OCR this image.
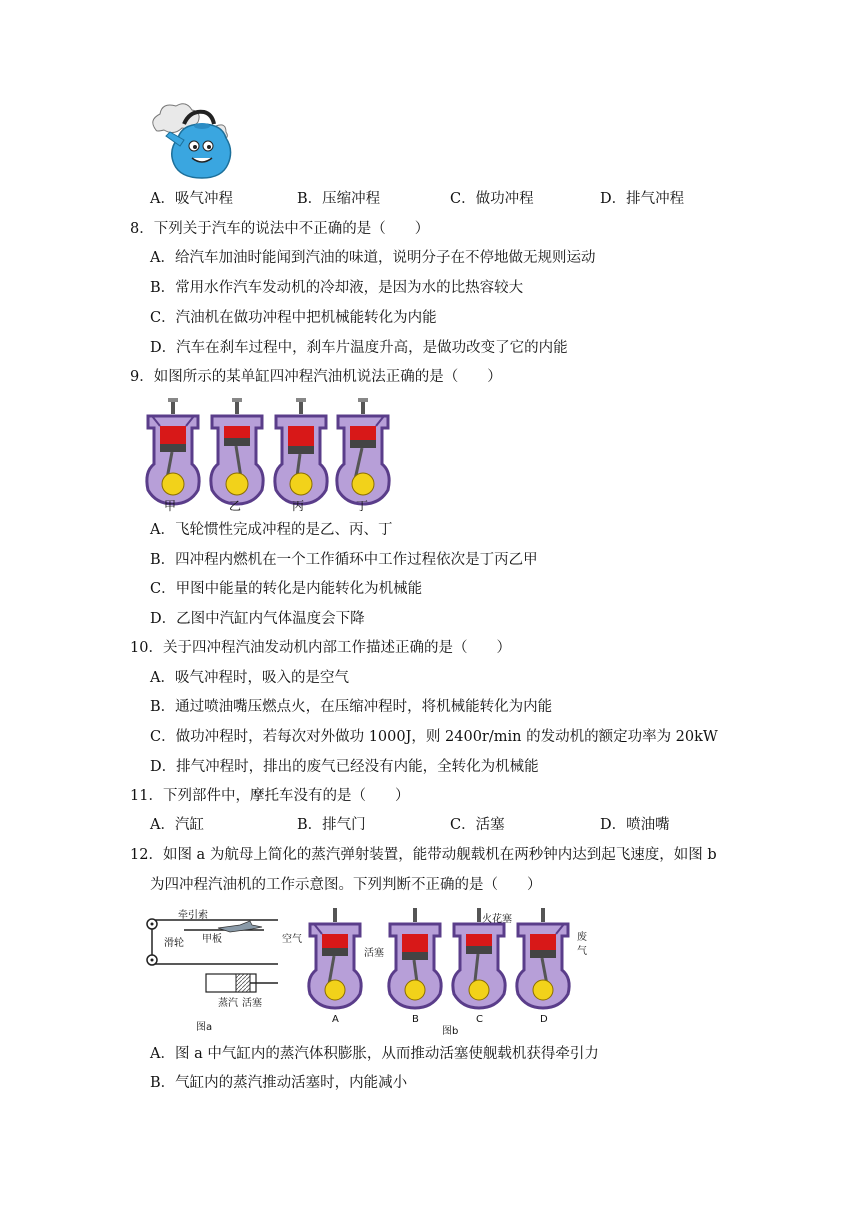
A．吸气冲程	B．压缩冲程	C．做功冲程	D．排气冲程
8．下列关于汽车的说法中不正确的是（　　）
A．给汽车加油时能闻到汽油的味道，说明分子在不停地做无规则运动
B．常用水作汽车发动机的冷却液，是因为水的比热容较大
C．汽油机在做功冲程中把机械能转化为内能
D．汽车在刹车过程中，刹车片温度升高，是做功改变了它的内能
9．如图所示的某单缸四冲程汽油机说法正确的是（　　）
甲	乙	丙	丁
A．飞轮惯性完成冲程的是乙、丙、丁
B．四冲程内燃机在一个工作循环中工作过程依次是丁丙乙甲
C．甲图中能量的转化是内能转化为机械能
D．乙图中汽缸内气体温度会下降
10．关于四冲程汽油发动机内部工作描述正确的是（　　）
A．吸气冲程时，吸入的是空气
B．通过喷油嘴压燃点火，在压缩冲程时，将机械能转化为内能
C．做功冲程时，若每次对外做功 1000J，则 2400r/min 的发动机的额定功率为 20kW
D．排气冲程时，排出的废气已经没有内能，全转化为机械能
11．下列部件中，摩托车没有的是（　　）
A．汽缸	B．排气门	C．活塞	D．喷油嘴
12．如图 a 为航母上简化的蒸汽弹射装置，能带动舰载机在两秒钟内达到起飞速度，如图 b
为四冲程汽油机的工作示意图。下列判断不正确的是（　　）
牵引索
甲板
滑轮
蒸汽 活塞
图a
空气
活塞
火花塞
废
气
A	B	C	D
图b
A．图 a 中气缸内的蒸汽体积膨胀，从而推动活塞使舰载机获得牵引力
B．气缸内的蒸汽推动活塞时，内能减小
